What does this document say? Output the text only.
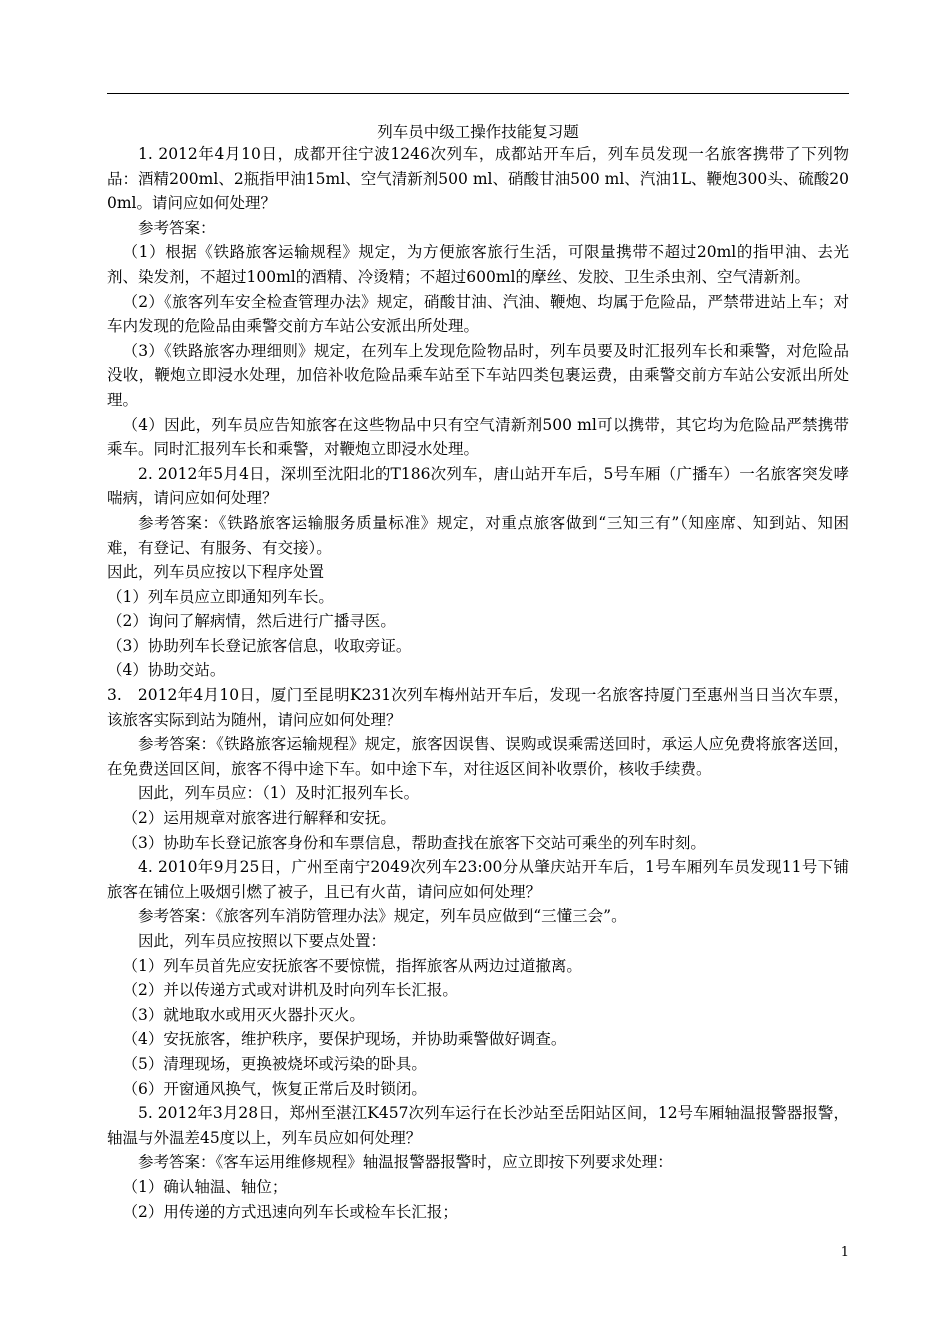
列车员中级工操作技能复习题

1. 2012年4月10日，成都开往宁波1246次列车，成都站开车后，列车员发现一名旅客携带了下列物品：酒精200ml、2瓶指甲油15ml、空气清新剂500 ml、硝酸甘油500 ml、汽油1L、鞭炮300头、硫酸200ml。请问应如何处理？

参考答案：

（1）根据《铁路旅客运输规程》规定，为方便旅客旅行生活，可限量携带不超过20ml的指甲油、去光剂、染发剂，不超过100ml的酒精、冷烫精；不超过600ml的摩丝、发胶、卫生杀虫剂、空气清新剂。

（2）《旅客列车安全检查管理办法》规定，硝酸甘油、汽油、鞭炮、均属于危险品，严禁带进站上车；对车内发现的危险品由乘警交前方车站公安派出所处理。

（3）《铁路旅客办理细则》规定，在列车上发现危险物品时，列车员要及时汇报列车长和乘警，对危险品没收，鞭炮立即浸水处理，加倍补收危险品乘车站至下车站四类包裹运费，由乘警交前方车站公安派出所处理。

（4）因此，列车员应告知旅客在这些物品中只有空气清新剂500 ml可以携带，其它均为危险品严禁携带乘车。同时汇报列车长和乘警，对鞭炮立即浸水处理。

2. 2012年5月4日，深圳至沈阳北的T186次列车，唐山站开车后，5号车厢（广播车）一名旅客突发哮喘病，请问应如何处理？

参考答案：《铁路旅客运输服务质量标准》规定，对重点旅客做到“三知三有”（知座席、知到站、知困难，有登记、有服务、有交接）。

因此，列车员应按以下程序处置

（1）列车员应立即通知列车长。

（2）询问了解病情，然后进行广播寻医。

（3）协助列车长登记旅客信息，收取旁证。

（4）协助交站。

3.　2012年4月10日，厦门至昆明K231次列车梅州站开车后，发现一名旅客持厦门至惠州当日当次车票，该旅客实际到站为随州，请问应如何处理？

参考答案：《铁路旅客运输规程》规定，旅客因误售、误购或误乘需送回时，承运人应免费将旅客送回，在免费送回区间，旅客不得中途下车。如中途下车，对往返区间补收票价，核收手续费。

因此，列车员应：（1）及时汇报列车长。

（2）运用规章对旅客进行解释和安抚。

（3）协助车长登记旅客身份和车票信息，帮助查找在旅客下交站可乘坐的列车时刻。

4. 2010年9月25日，广州至南宁2049次列车23:00分从肇庆站开车后，1号车厢列车员发现11号下铺旅客在铺位上吸烟引燃了被子，且已有火苗，请问应如何处理？

参考答案：《旅客列车消防管理办法》规定，列车员应做到“三懂三会”。

因此，列车员应按照以下要点处置：

（1）列车员首先应安抚旅客不要惊慌，指挥旅客从两边过道撤离。

（2）并以传递方式或对讲机及时向列车长汇报。

（3）就地取水或用灭火器扑灭火。

（4）安抚旅客，维护秩序，要保护现场，并协助乘警做好调查。

（5）清理现场，更换被烧坏或污染的卧具。

（6）开窗通风换气，恢复正常后及时锁闭。

5. 2012年3月28日，郑州至湛江K457次列车运行在长沙站至岳阳站区间，12号车厢轴温报警器报警，轴温与外温差45度以上，列车员应如何处理？

参考答案：《客车运用维修规程》轴温报警器报警时，应立即按下列要求处理：

（1）确认轴温、轴位；

（2）用传递的方式迅速向列车长或检车长汇报；

1
